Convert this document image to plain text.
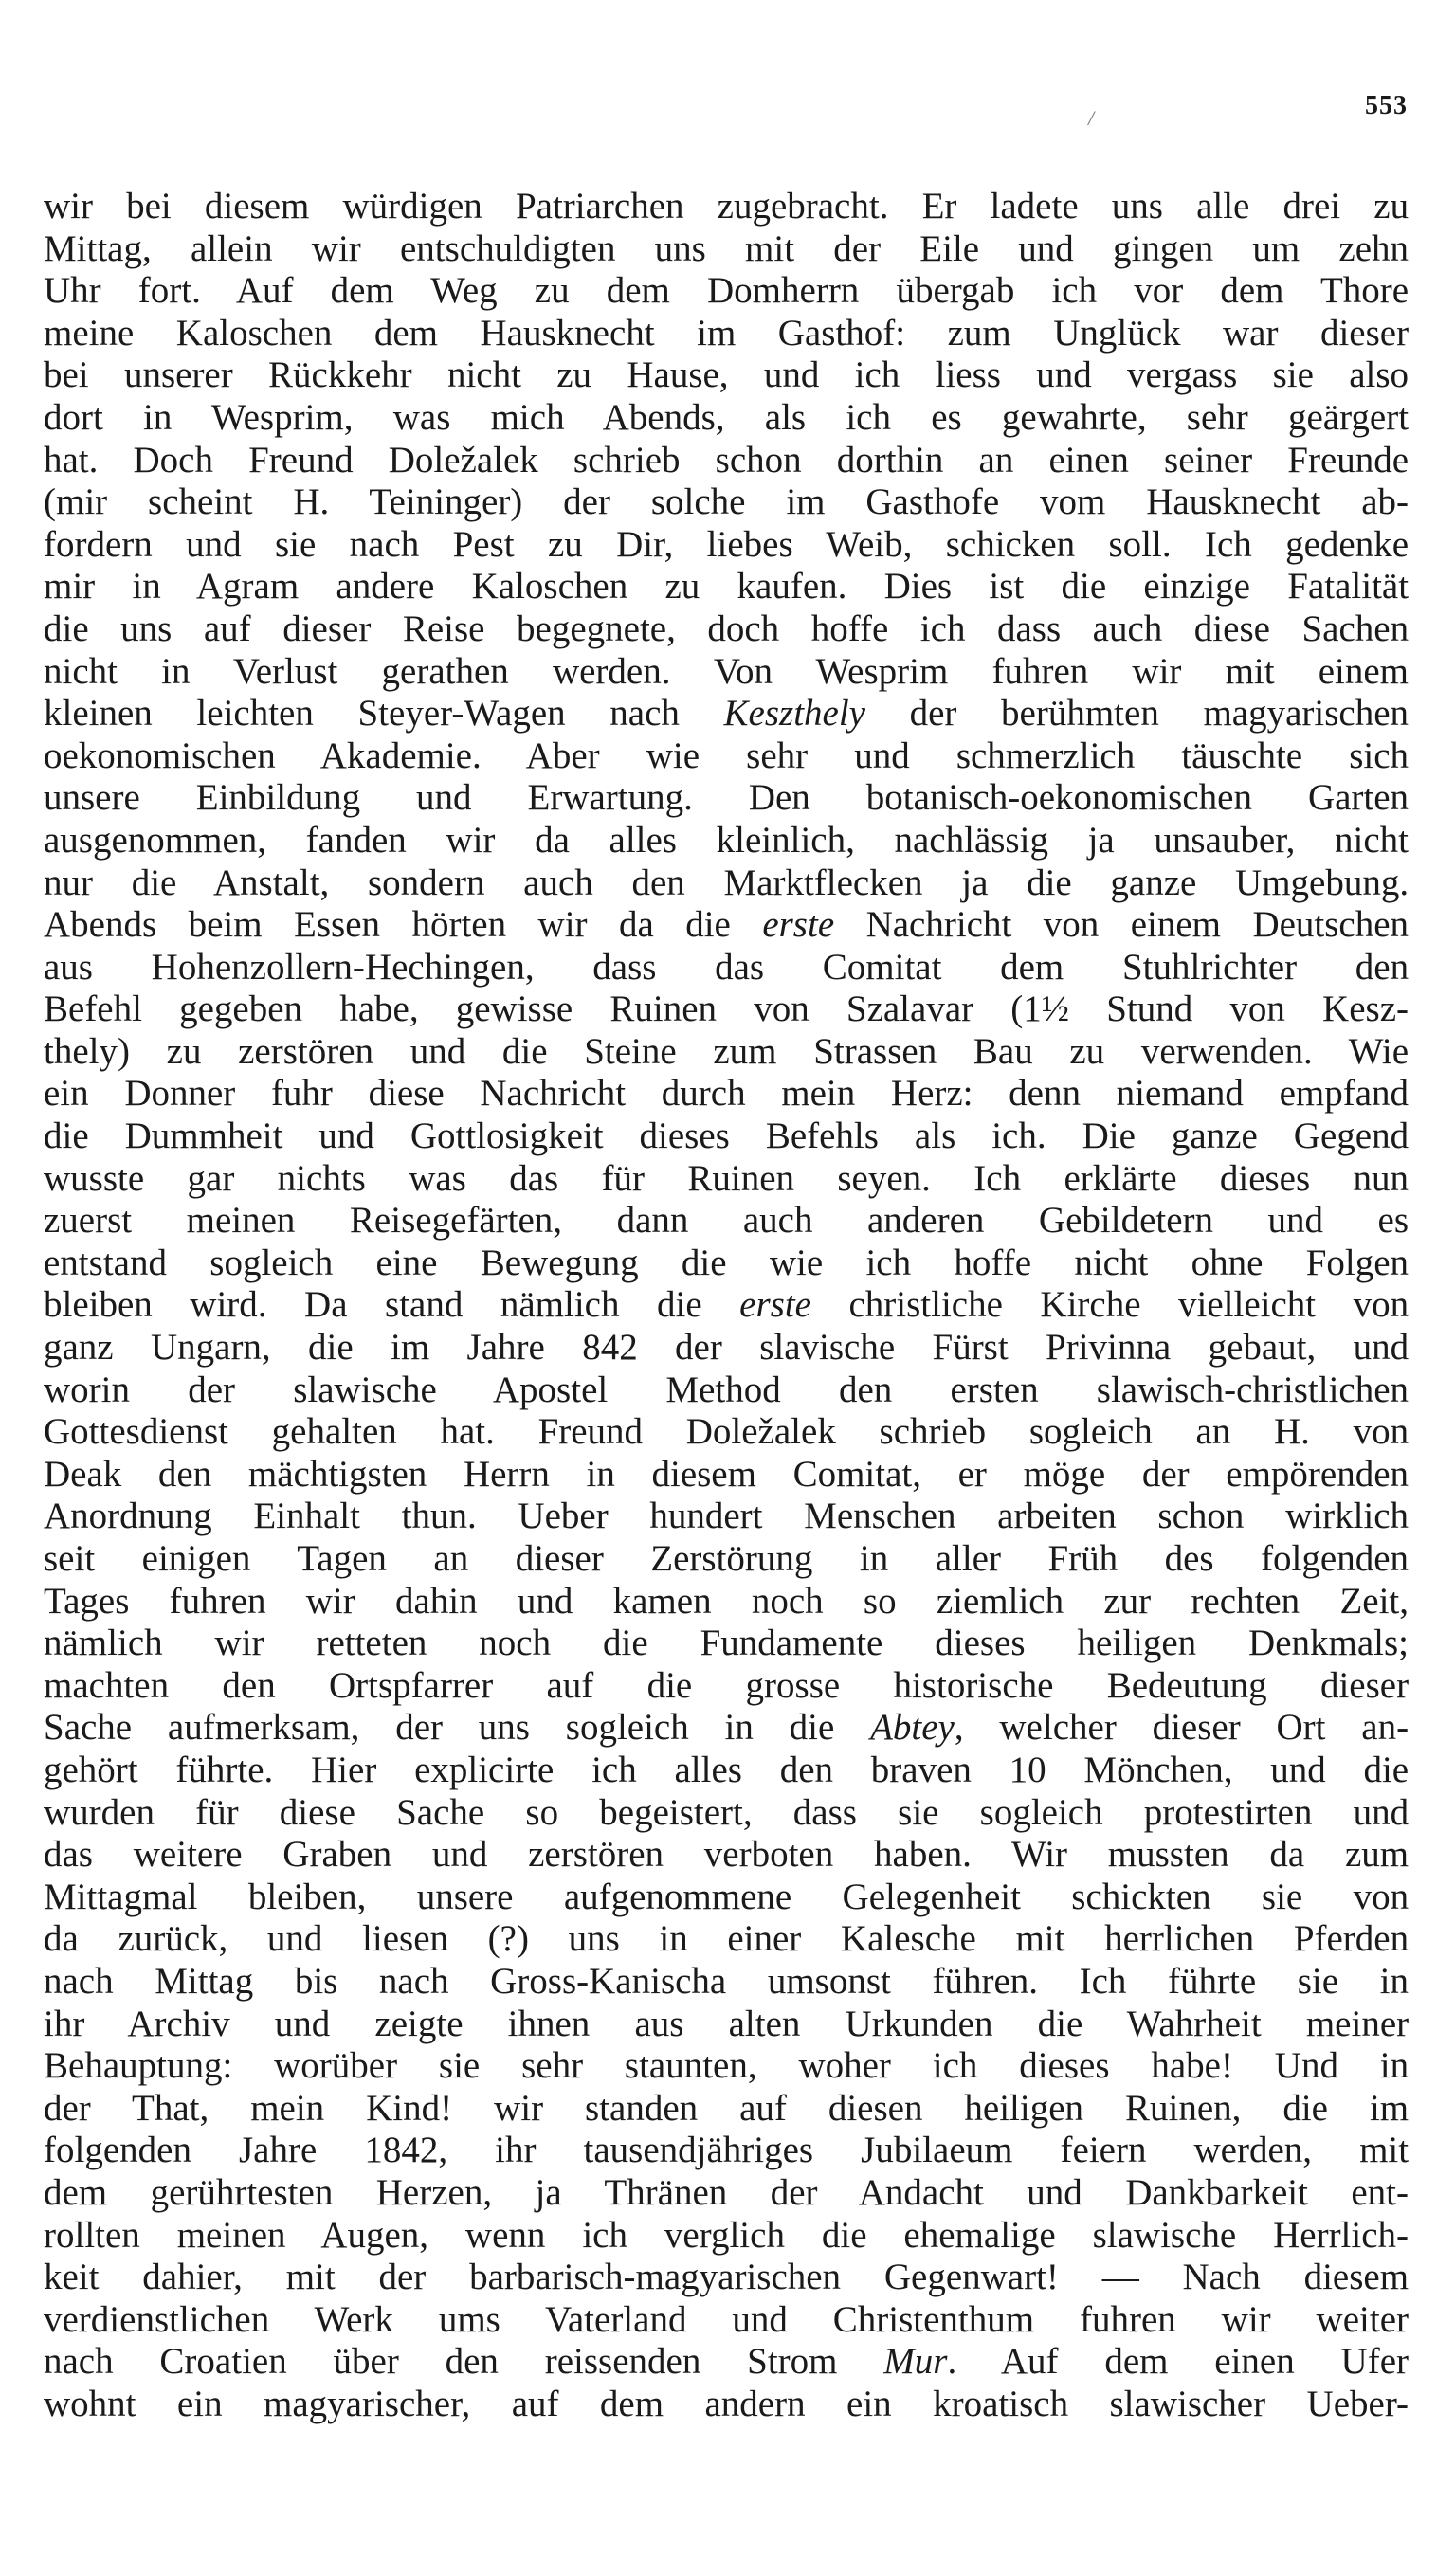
553
/
wir bei diesem würdigen Patriarchen zugebracht. Er ladete uns alle drei zu
Mittag, allein wir entschuldigten uns mit der Eile und gingen um zehn
Uhr fort. Auf dem Weg zu dem Domherrn übergab ich vor dem Thore
meine Kaloschen dem Hausknecht im Gasthof: zum Unglück war dieser
bei unserer Rückkehr nicht zu Hause, und ich liess und vergass sie also
dort in Wesprim, was mich Abends, als ich es gewahrte, sehr geärgert
hat. Doch Freund Doležalek schrieb schon dorthin an einen seiner Freunde
(mir scheint H. Teininger) der solche im Gasthofe vom Hausknecht ab-
fordern und sie nach Pest zu Dir, liebes Weib, schicken soll. Ich gedenke
mir in Agram andere Kaloschen zu kaufen. Dies ist die einzige Fatalität
die uns auf dieser Reise begegnete, doch hoffe ich dass auch diese Sachen
nicht in Verlust gerathen werden. Von Wesprim fuhren wir mit einem
kleinen leichten Steyer-Wagen nach Keszthely der berühmten magyarischen
oekonomischen Akademie. Aber wie sehr und schmerzlich täuschte sich
unsere Einbildung und Erwartung. Den botanisch-oekonomischen Garten
ausgenommen, fanden wir da alles kleinlich, nachlässig ja unsauber, nicht
nur die Anstalt, sondern auch den Marktflecken ja die ganze Umgebung.
Abends beim Essen hörten wir da die erste Nachricht von einem Deutschen
aus Hohenzollern-Hechingen, dass das Comitat dem Stuhlrichter den
Befehl gegeben habe, gewisse Ruinen von Szalavar (1½ Stund von Kesz-
thely) zu zerstören und die Steine zum Strassen Bau zu verwenden. Wie
ein Donner fuhr diese Nachricht durch mein Herz: denn niemand empfand
die Dummheit und Gottlosigkeit dieses Befehls als ich. Die ganze Gegend
wusste gar nichts was das für Ruinen seyen. Ich erklärte dieses nun
zuerst meinen Reisegefärten, dann auch anderen Gebildetern und es
entstand sogleich eine Bewegung die wie ich hoffe nicht ohne Folgen
bleiben wird. Da stand nämlich die erste christliche Kirche vielleicht von
ganz Ungarn, die im Jahre 842 der slavische Fürst Privinna gebaut, und
worin der slawische Apostel Method den ersten slawisch-christlichen
Gottesdienst gehalten hat. Freund Doležalek schrieb sogleich an H. von
Deak den mächtigsten Herrn in diesem Comitat, er möge der empörenden
Anordnung Einhalt thun. Ueber hundert Menschen arbeiten schon wirklich
seit einigen Tagen an dieser Zerstörung in aller Früh des folgenden
Tages fuhren wir dahin und kamen noch so ziemlich zur rechten Zeit,
nämlich wir retteten noch die Fundamente dieses heiligen Denkmals;
machten den Ortspfarrer auf die grosse historische Bedeutung dieser
Sache aufmerksam, der uns sogleich in die Abtey, welcher dieser Ort an-
gehört führte. Hier explicirte ich alles den braven 10 Mönchen, und die
wurden für diese Sache so begeistert, dass sie sogleich protestirten und
das weitere Graben und zerstören verboten haben. Wir mussten da zum
Mittagmal bleiben, unsere aufgenommene Gelegenheit schickten sie von
da zurück, und liesen (?) uns in einer Kalesche mit herrlichen Pferden
nach Mittag bis nach Gross-Kanischa umsonst führen. Ich führte sie in
ihr Archiv und zeigte ihnen aus alten Urkunden die Wahrheit meiner
Behauptung: worüber sie sehr staunten, woher ich dieses habe! Und in
der That, mein Kind! wir standen auf diesen heiligen Ruinen, die im
folgenden Jahre 1842, ihr tausendjähriges Jubilaeum feiern werden, mit
dem gerührtesten Herzen, ja Thränen der Andacht und Dankbarkeit ent-
rollten meinen Augen, wenn ich verglich die ehemalige slawische Herrlich-
keit dahier, mit der barbarisch-magyarischen Gegenwart! — Nach diesem
verdienstlichen Werk ums Vaterland und Christenthum fuhren wir weiter
nach Croatien über den reissenden Strom Mur. Auf dem einen Ufer
wohnt ein magyarischer, auf dem andern ein kroatisch slawischer Ueber-
